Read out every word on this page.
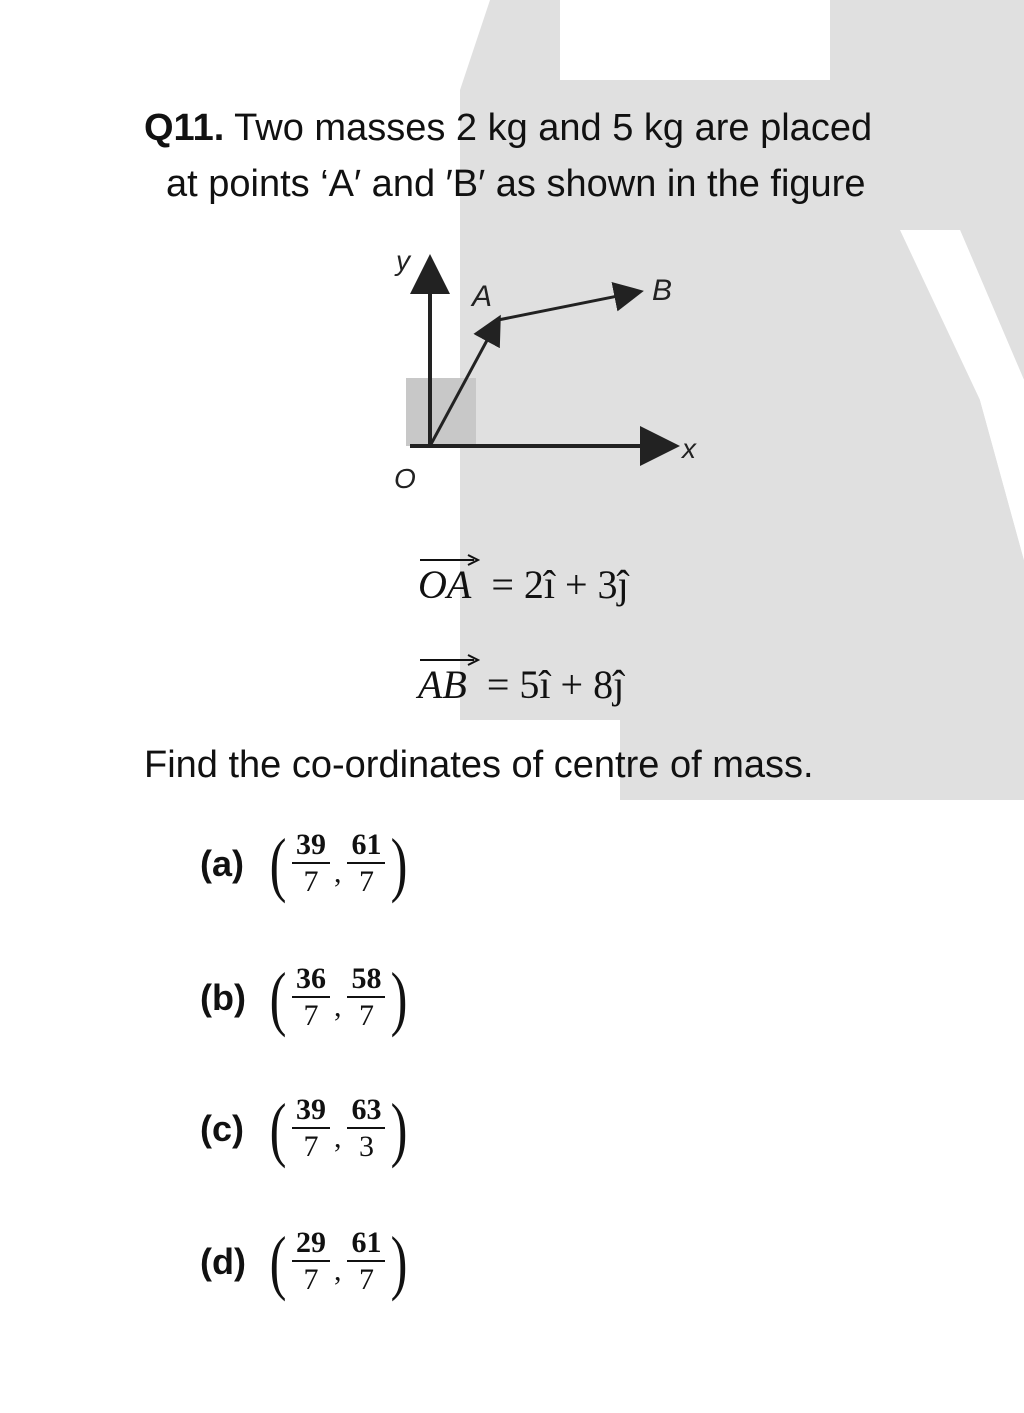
Q11. Two masses 2 kg and 5 kg are placed
at points ‘A′ and ′B′ as shown in the figure
y
x
O
A	B
OA = 2î + 3ĵ
AB = 5î + 8ĵ
Find the co-ordinates of centre of mass.
(a) ( $\frac{39}{7}$ , $\frac{61}{7}$ )
(b) ( $\frac{36}{7}$ , $\frac{58}{7}$ )
(c) ( $\frac{39}{7}$ , $\frac{63}{3}$ )
(d) ( $\frac{29}{7}$ , $\frac{61}{7}$ )
